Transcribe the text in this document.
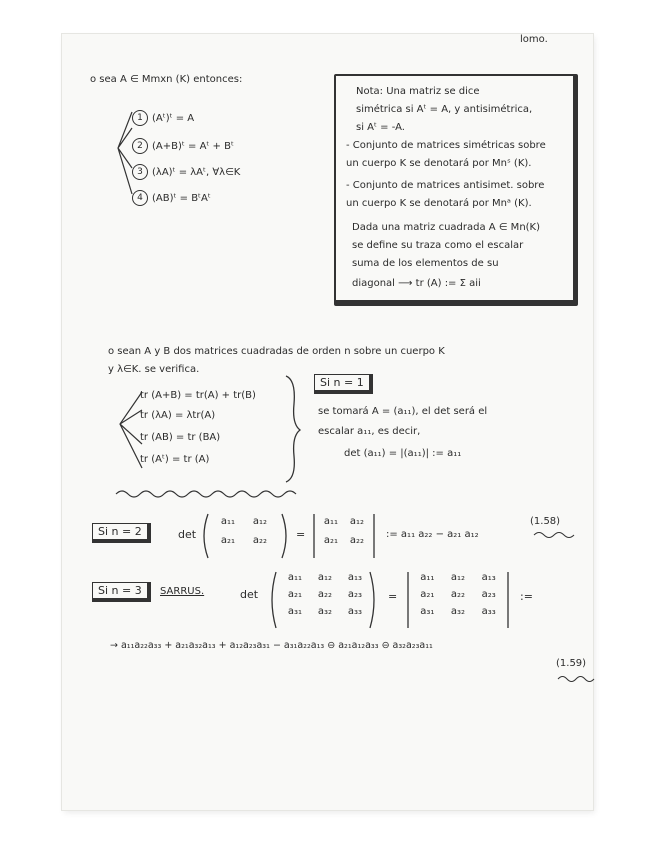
lomo.
o sea A ∈ Mmxn (K) entonces:
1 (Aᵗ)ᵗ = A
2 (A+B)ᵗ = Aᵗ + Bᵗ
3 (λA)ᵗ = λAᵗ, ∀λ∈K
4 (AB)ᵗ = BᵗAᵗ
Nota: Una matriz se dice
simétrica si Aᵗ = A, y antisimétrica,
si Aᵗ = -A.
- Conjunto de matrices simétricas sobre
un cuerpo K se denotará por Mnˢ (K).
- Conjunto de matrices antisimet. sobre
un cuerpo K se denotará por Mnᵃ (K).
Dada una matriz cuadrada A ∈ Mn(K)
se define su traza como el escalar
suma de los elementos de su
diagonal ⟶ tr (A) := Σ aii
o sean A y B dos matrices cuadradas de orden n sobre un cuerpo K
y λ∈K. se verifica.
tr (A+B) = tr(A) + tr(B)
tr (λA) = λtr(A)
tr (AB) = tr (BA)
tr (Aᵗ) = tr (A)
Si n = 1
se tomará A = (a₁₁), el det será el
escalar a₁₁, es decir,
det (a₁₁) = |(a₁₁)| := a₁₁
Si n = 2	det
a₁₁	a₁₂
a₂₁	a₂₂	=
a₁₁	a₁₂
a₂₁	a₂₂
:= a₁₁ a₂₂ − a₂₁ a₁₂
(1.58)
Si n = 3	SARRUS.	det
a₁₁	a₁₂	a₁₃
a₂₁	a₂₂	a₂₃
a₃₁	a₃₂	a₃₃
=
a₁₁	a₁₂	a₁₃
a₂₁	a₂₂	a₂₃
a₃₁	a₃₂	a₃₃
:=
→ a₁₁a₂₂a₃₃ + a₂₁a₃₂a₁₃ + a₁₂a₂₃a₃₁ − a₃₁a₂₂a₁₃ ⊖ a₂₁a₁₂a₃₃ ⊖ a₃₂a₂₃a₁₁
(1.59)
